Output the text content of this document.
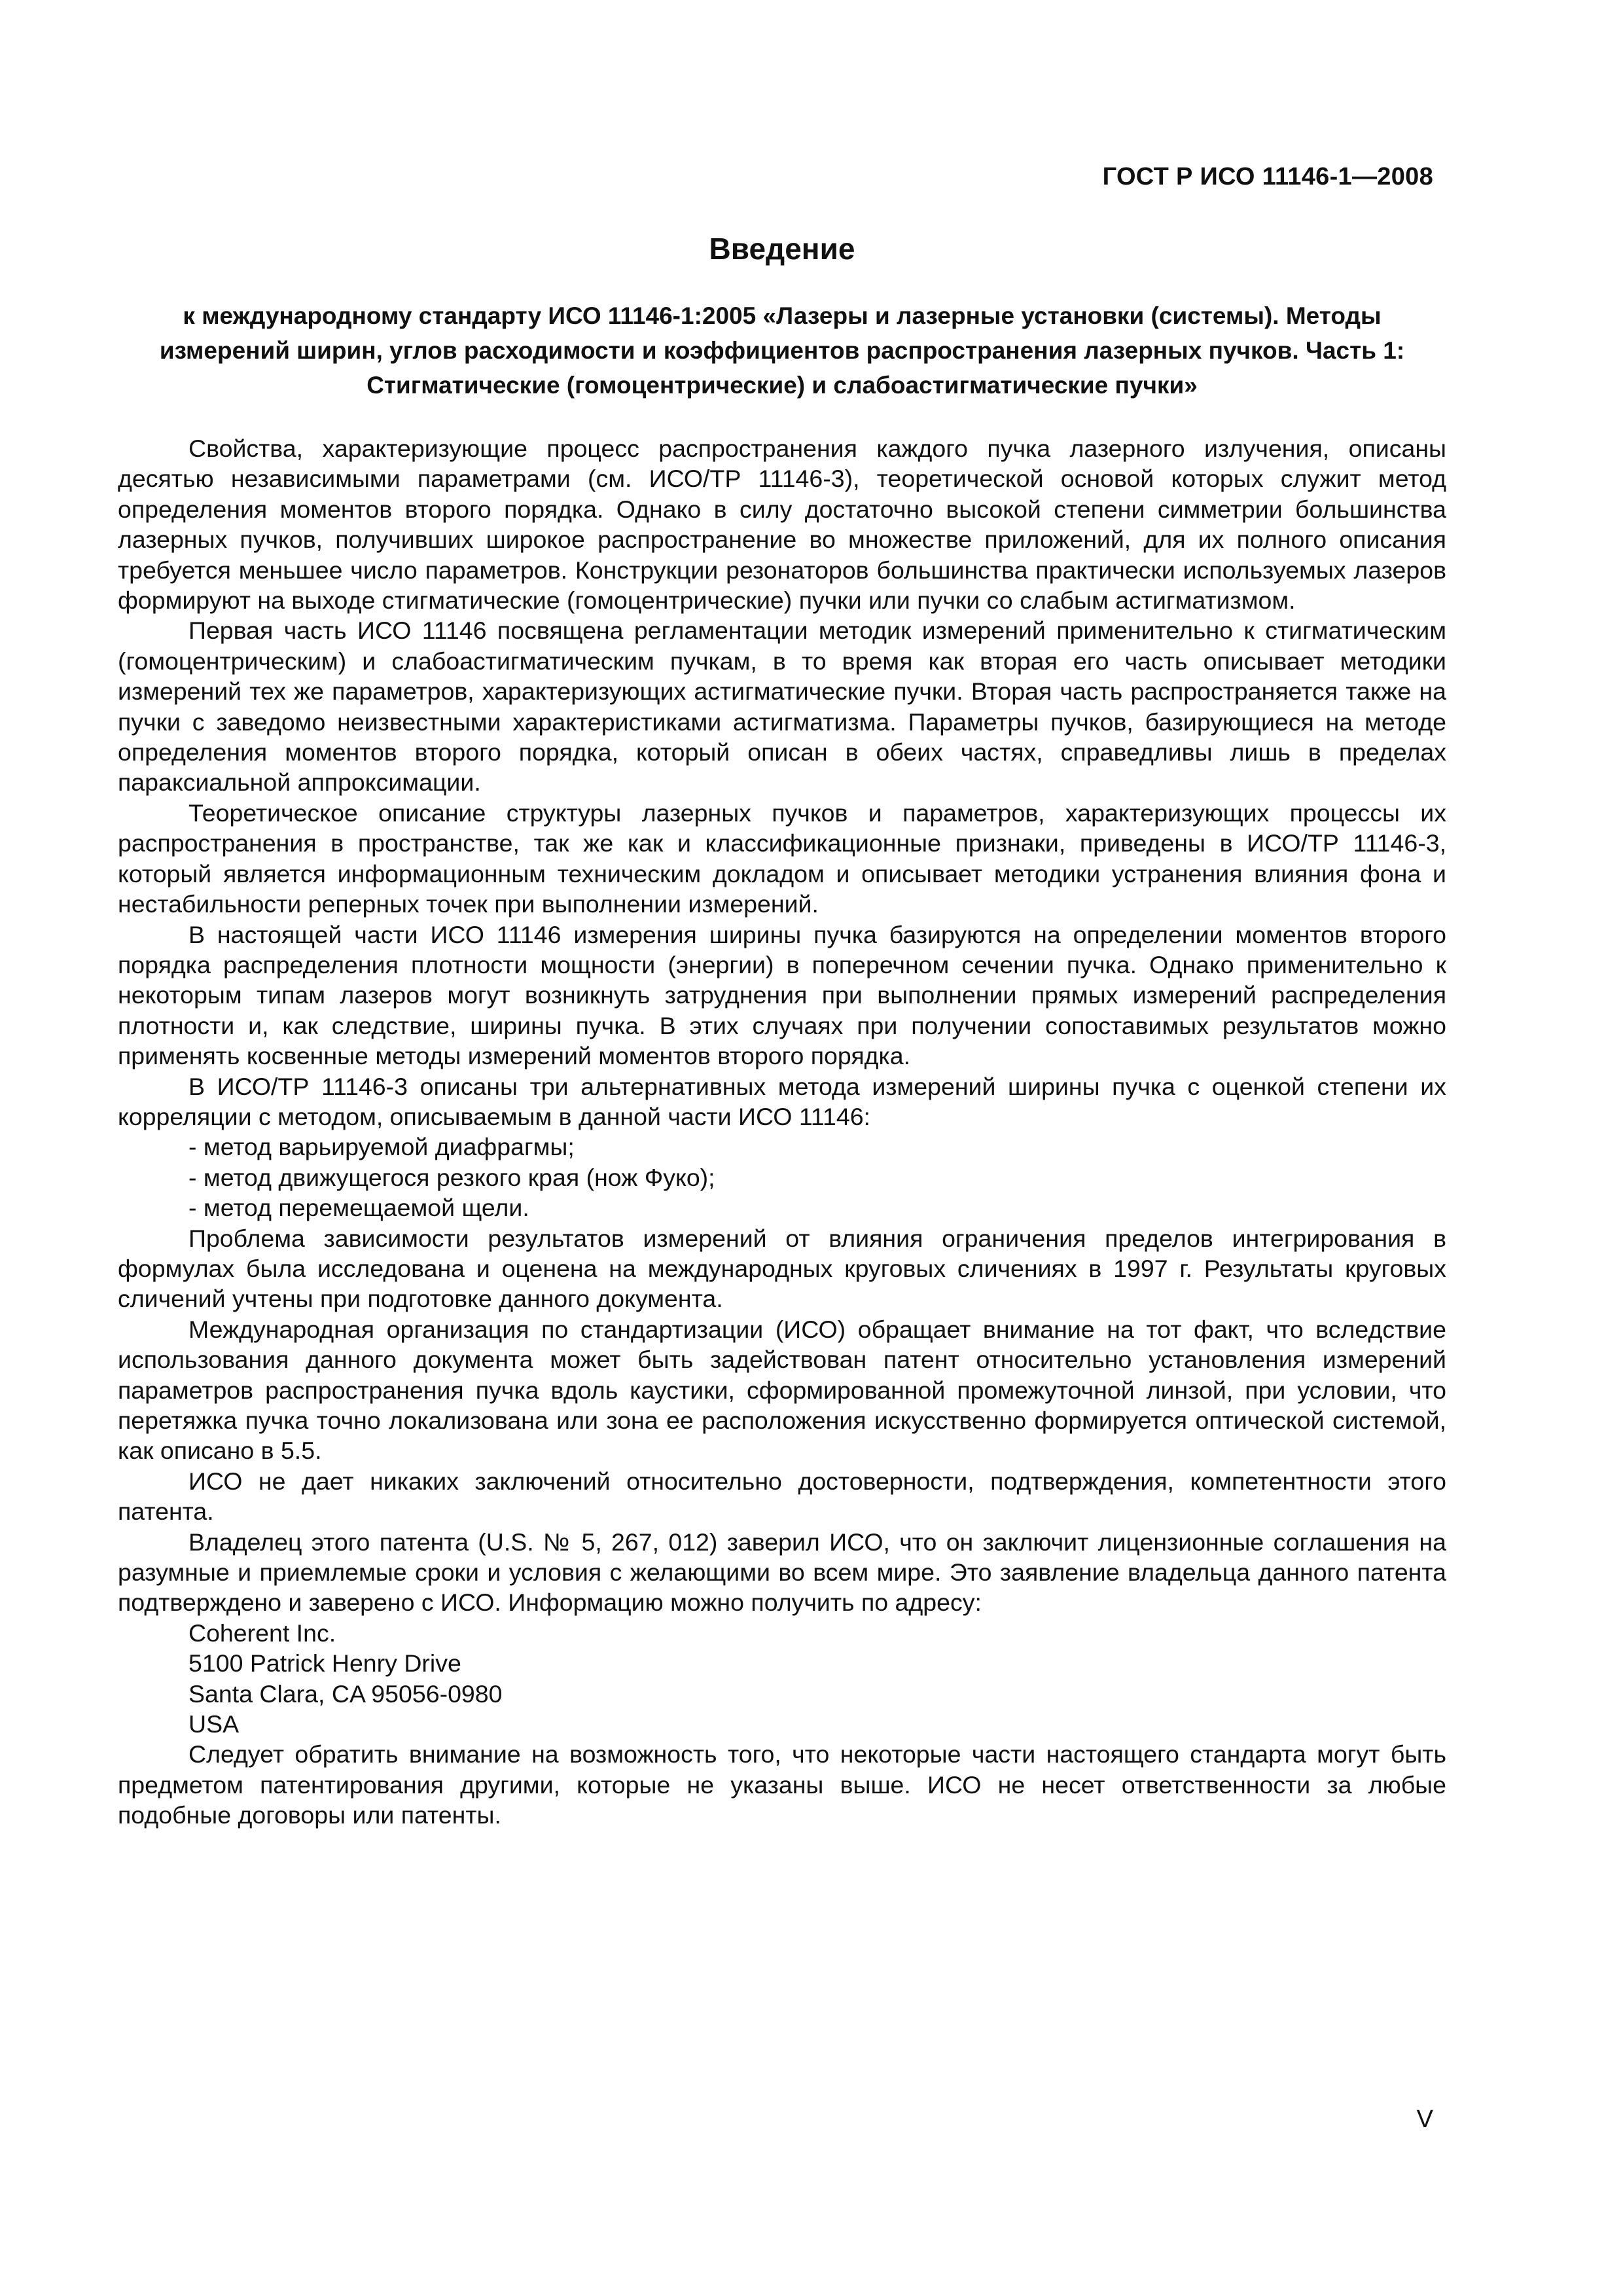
ГОСТ Р ИСО 11146-1—2008
Введение
к международному стандарту ИСО 11146-1:2005 «Лазеры и лазерные установки (системы). Методы измерений ширин, углов расходимости и коэффициентов распространения лазерных пучков. Часть 1: Стигматические (гомоцентрические) и слабоастигматические пучки»

Свойства, характеризующие процесс распространения каждого пучка лазерного излучения, описаны десятью независимыми параметрами (см. ИСО/ТР 11146-3), теоретической основой которых служит метод определения моментов второго порядка. Однако в силу достаточно высокой степени симметрии большинства лазерных пучков, получивших широкое распространение во множестве приложений, для их полного описания требуется меньшее число параметров. Конструкции резонаторов большинства практически используемых лазеров формируют на выходе стигматические (гомоцентрические) пучки или пучки со слабым астигматизмом.

Первая часть ИСО 11146 посвящена регламентации методик измерений применительно к стигматическим (гомоцентрическим) и слабоастигматическим пучкам, в то время как вторая его часть описывает методики измерений тех же параметров, характеризующих астигматические пучки. Вторая часть распространяется также на пучки с заведомо неизвестными характеристиками астигматизма. Параметры пучков, базирующиеся на методе определения моментов второго порядка, который описан в обеих частях, справедливы лишь в пределах параксиальной аппроксимации.

Теоретическое описание структуры лазерных пучков и параметров, характеризующих процессы их распространения в пространстве, так же как и классификационные признаки, приведены в ИСО/ТР 11146-3, который является информационным техническим докладом и описывает методики устранения влияния фона и нестабильности реперных точек при выполнении измерений.

В настоящей части ИСО 11146 измерения ширины пучка базируются на определении моментов второго порядка распределения плотности мощности (энергии) в поперечном сечении пучка. Однако применительно к некоторым типам лазеров могут возникнуть затруднения при выполнении прямых измерений распределения плотности и, как следствие, ширины пучка. В этих случаях при получении сопоставимых результатов можно применять косвенные методы измерений моментов второго порядка.

В ИСО/ТР 11146-3 описаны три альтернативных метода измерений ширины пучка с оценкой степени их корреляции с методом, описываемым в данной части ИСО 11146:

- метод варьируемой диафрагмы;

- метод движущегося резкого края (нож Фуко);

- метод перемещаемой щели.

Проблема зависимости результатов измерений от влияния ограничения пределов интегрирования в формулах была исследована и оценена на международных круговых сличениях в 1997 г. Результаты круговых сличений учтены при подготовке данного документа.

Международная организация по стандартизации (ИСО) обращает внимание на тот факт, что вследствие использования данного документа может быть задействован патент относительно установления измерений параметров распространения пучка вдоль каустики, сформированной промежуточной линзой, при условии, что перетяжка пучка точно локализована или зона ее расположения искусственно формируется оптической системой, как описано в 5.5.

ИСО не дает никаких заключений относительно достоверности, подтверждения, компетентности этого патента.

Владелец этого патента (U.S. № 5, 267, 012) заверил ИСО, что он заключит лицензионные соглашения на разумные и приемлемые сроки и условия с желающими во всем мире. Это заявление владельца данного патента подтверждено и заверено с ИСО. Информацию можно получить по адресу:

Coherent Inc.

5100 Patrick Henry Drive

Santa Clara, CA 95056-0980

USA

Следует обратить внимание на возможность того, что некоторые части настоящего стандарта могут быть предметом патентирования другими, которые не указаны выше. ИСО не несет ответственности за любые подобные договоры или патенты.

V
